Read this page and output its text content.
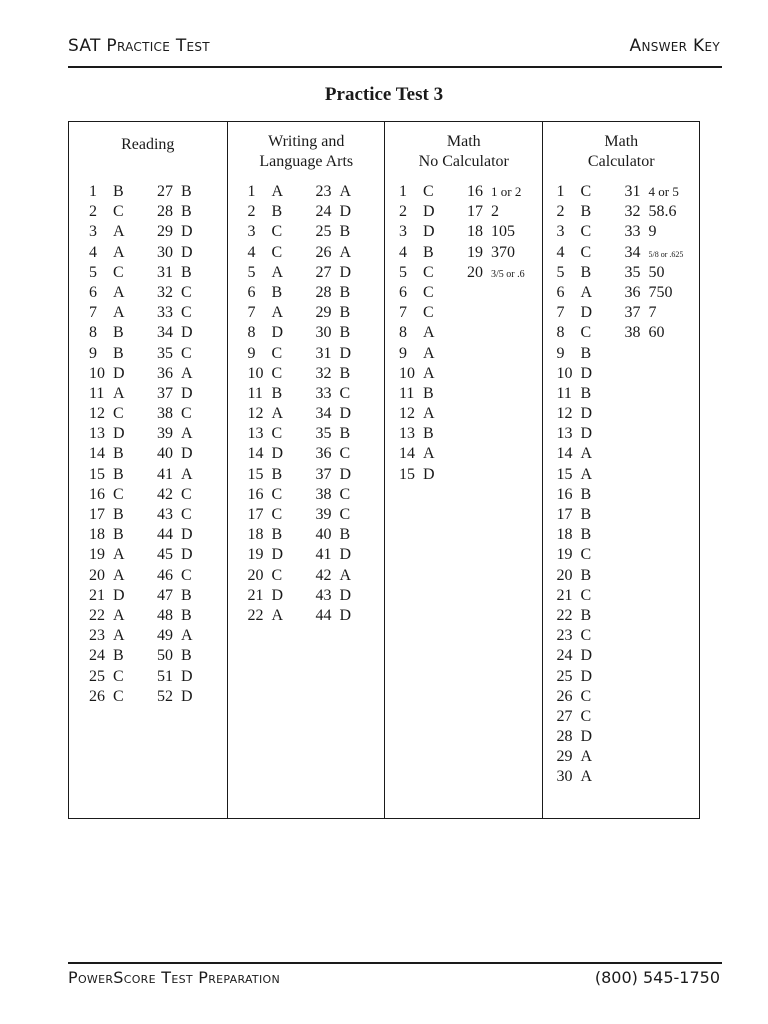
SAT Practice Test	Answer Key
Practice Test 3
Reading
1 B
2 C
3 A
4 A
5 C
6 A
7 A
8 B
9 B
10 D
11 A
12 C
13 D
14 B
15 B
16 C
17 B
18 B
19 A
20 A
21 D
22 A
23 A
24 B
25 C
26 C
27 B
28 B
29 D
30 D
31 B
32 C
33 C
34 D
35 C
36 A
37 D
38 C
39 A
40 D
41 A
42 C
43 C
44 D
45 D
46 C
47 B
48 B
49 A
50 B
51 D
52 D
Writing and
Language Arts
1 A
2 B
3 C
4 C
5 A
6 B
7 A
8 D
9 C
10 C
11 B
12 A
13 C
14 D
15 B
16 C
17 C
18 B
19 D
20 C
21 D
22 A
23 A
24 D
25 B
26 A
27 D
28 B
29 B
30 B
31 D
32 B
33 C
34 D
35 B
36 C
37 D
38 C
39 C
40 B
41 D
42 A
43 D
44 D
Math
No Calculator
1 C
2 D
3 D
4 B
5 C
6 C
7 C
8 A
9 A
10 A
11 B
12 A
13 B
14 A
15 D
16 1 or 2
17 2
18 105
19 370
20 3/5 or .6
Math
Calculator
1 C
2 B
3 C
4 C
5 B
6 A
7 D
8 C
9 B
10 D
11 B
12 D
13 D
14 A
15 A
16 B
17 B
18 B
19 C
20 B
21 C
22 B
23 C
24 D
25 D
26 C
27 C
28 D
29 A
30 A
31 4 or 5
32 58.6
33 9
34 5/8 or .625
35 50
36 750
37 7
38 60
PowerScore Test Preparation	(800) 545-1750
